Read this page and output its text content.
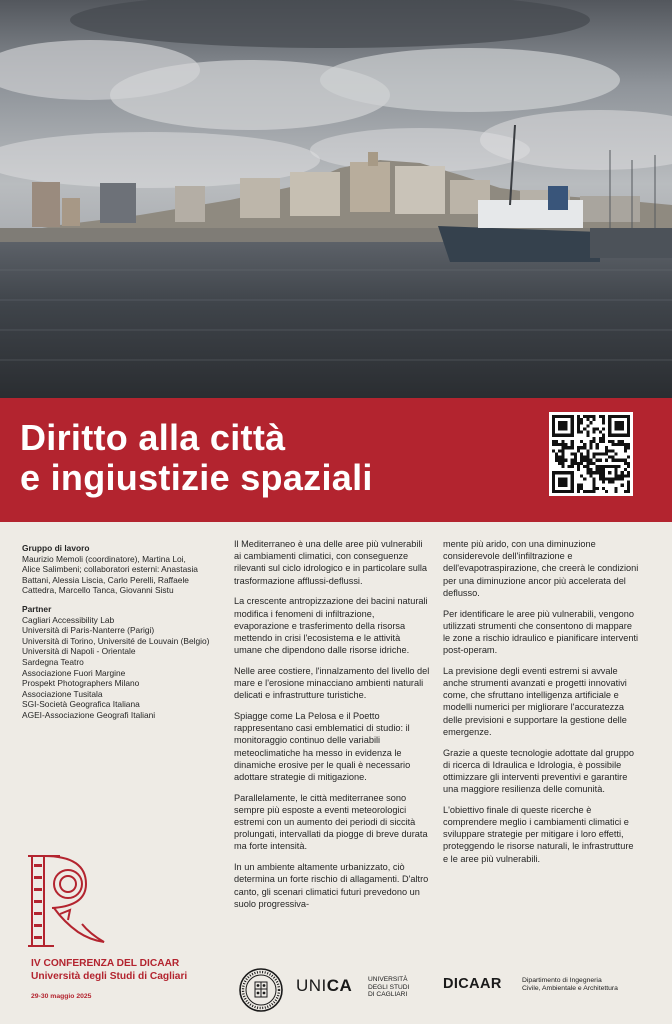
Diritto alla città
e ingiustizie spaziali
Gruppo di lavoro
Maurizio Memoli (coordinatore), Martina Loi,
Alice Salimbeni; collaboratori esterni: Anastasia
Battani, Alessia Liscia, Carlo Perelli, Raffaele
Cattedra, Marcello Tanca, Giovanni Sistu
Partner
Cagliari Accessibility Lab
Università di Paris-Nanterre (Parigi)
Università di Torino, Université de Louvain (Belgio)
Università di Napoli - Orientale
Sardegna Teatro
Associazione Fuori Margine
Prospekt Photographers Milano
Associazione Tusitala
SGI-Società Geografica Italiana
AGEI-Associazione Geografi Italiani

Il Mediterraneo è una delle aree più vulnerabili ai cambiamenti climatici, con conseguenze rilevanti sul ciclo idrologico e in particolare sulla trasformazione afflussi-deflussi.

La crescente antropizzazione dei bacini naturali modifica i fenomeni di infiltrazione, evaporazione e trasferimento della risorsa mettendo in crisi l'ecosistema e le attività umane che dipendono dalle risorse idriche.

Nelle aree costiere, l'innalzamento del livello del mare e l'erosione minacciano ambienti naturali delicati e infrastrutture turistiche.

Spiagge come La Pelosa e il Poetto rappresentano casi emblematici di studio: il monitoraggio continuo delle variabili meteoclimatiche ha messo in evidenza le dinamiche erosive per le quali è necessario adottare strategie di mitigazione.

Parallelamente, le città mediterranee sono sempre più esposte a eventi meteorologici estremi con un aumento dei periodi di siccità prolungati, intervallati da piogge di breve durata ma forte intensità.

In un ambiente altamente urbanizzato, ciò determina un forte rischio di allagamenti. D'altro canto, gli scenari climatici futuri prevedono un suolo progressiva-

mente più arido, con una diminuzione considerevole dell'infiltrazione e dell'evapotraspirazione, che creerà le condizioni per una diminuzione ancor più accelerata del deflusso.

Per identificare le aree più vulnerabili, vengono utilizzati strumenti che consentono di mappare le zone a rischio idraulico e pianificare interventi post-operam.

La previsione degli eventi estremi si avvale anche strumenti avanzati e progetti innovativi come, che sfruttano intelligenza artificiale e modelli numerici per migliorare l'accuratezza delle previsioni e supportare la gestione delle emergenze.

Grazie a queste tecnologie adottate dal gruppo di ricerca di Idraulica e Idrologia, è possibile ottimizzare gli interventi preventivi e garantire una maggiore resilienza delle comunità.

L'obiettivo finale di queste ricerche è comprendere meglio i cambiamenti climatici e sviluppare strategie per mitigare i loro effetti, proteggendo le risorse naturali, le infrastrutture e le aree più vulnerabili.

IV CONFERENZA DEL DICAAR
Università degli Studi di Cagliari
29-30 maggio 2025
UNICA UNIVERSITÀ
DEGLI STUDI
DI CAGLIARI
DICAAR	Dipartimento di Ingegneria
Civile, Ambientale e Architettura
